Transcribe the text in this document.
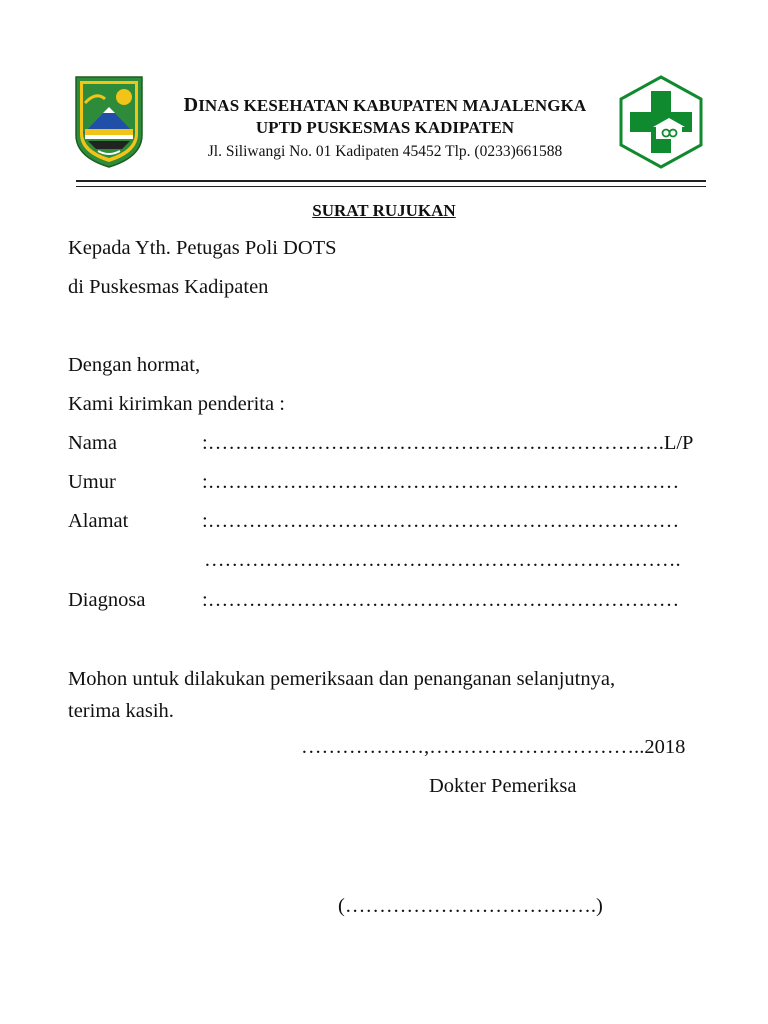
DINAS KESEHATAN KABUPATEN MAJALENGKA
UPTD PUSKESMAS KADIPATEN
Jl. Siliwangi No. 01 Kadipaten 45452 Tlp. (0233)661588
SURAT RUJUKAN
Kepada Yth. Petugas Poli DOTS
di Puskesmas Kadipaten
Dengan hormat,
Kami kirimkan penderita :
Nama	:………………………………………………………….L/P
Umur	:……………………………………………………………
Alamat	:……………………………………………………………
…………………………………………………………….
Diagnosa	:……………………………………………………………
Mohon untuk dilakukan pemeriksaan dan penanganan selanjutnya,
terima kasih.
………………,…………………………..2018
Dokter Pemeriksa
(……………………………….)
